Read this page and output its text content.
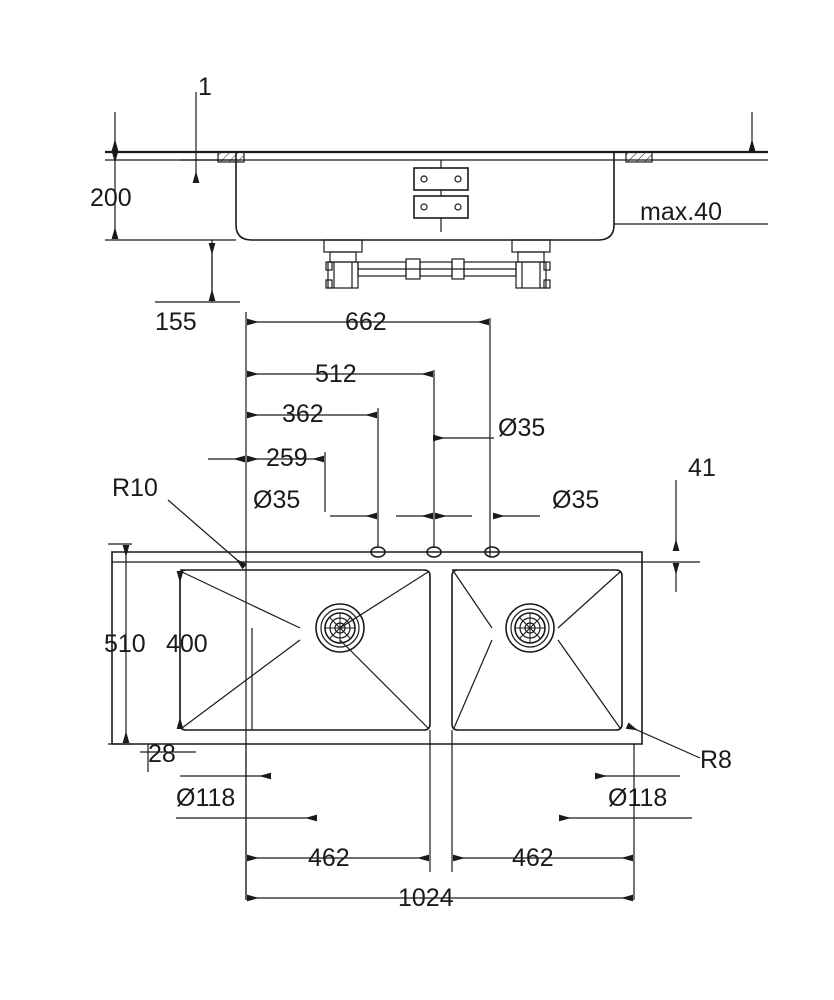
1
200
155
max.40
662
512
362
259
Ø35
Ø35	Ø35
41
R10
R8
510 400
28
Ø118	Ø118
462	462
1024
